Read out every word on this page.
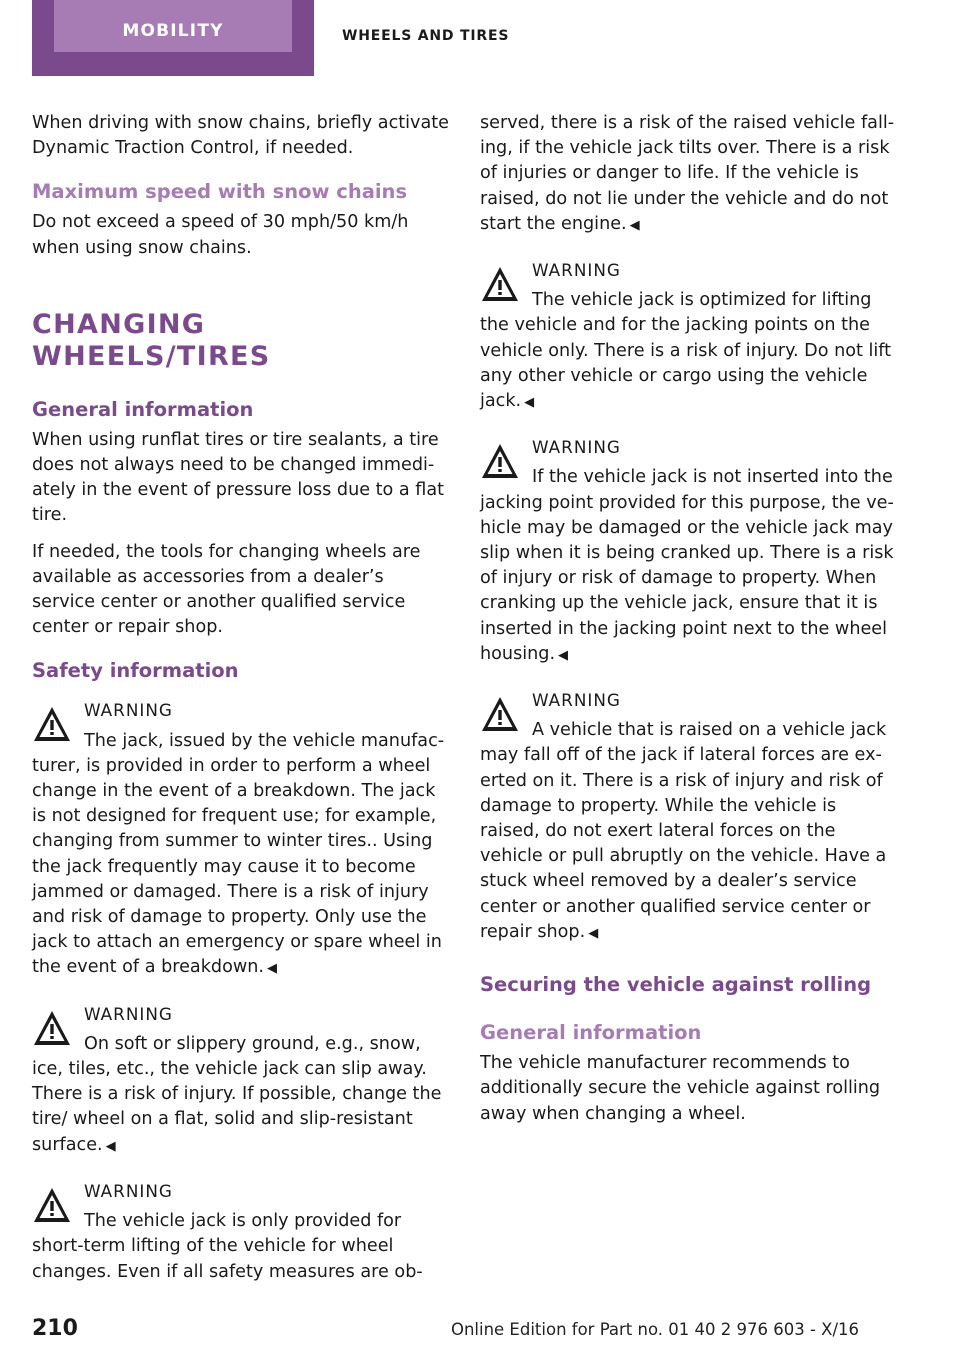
MOBILITY	WHEELS AND TIRES

When driving with snow chains, briefly activate Dynamic Traction Control, if needed.

Maximum speed with snow chains

Do not exceed a speed of 30 mph/50 km/h when using snow chains.

CHANGING WHEELS/TIRES
General information

When using runflat tires or tire sealants, a tire does not always need to be changed immediately in the event of pressure loss due to a flat tire.

If needed, the tools for changing wheels are available as accessories from a dealer’s service center or another qualified service center or repair shop.

Safety information
WARNING
The jack, issued by the vehicle manufacturer, is provided in order to perform a wheel change in the event of a breakdown. The jack is not designed for frequent use; for example, changing from summer to winter tires.. Using the jack frequently may cause it to become jammed or damaged. There is a risk of injury and risk of damage to property. Only use the jack to attach an emergency or spare wheel in the event of a breakdown. ◀
WARNING
On soft or slippery ground, e.g., snow, ice, tiles, etc., the vehicle jack can slip away. There is a risk of injury. If possible, change the tire/ wheel on a flat, solid and slip-resistant surface. ◀
WARNING
The vehicle jack is only provided for short-term lifting of the vehicle for wheel changes. Even if all safety measures are ob-

served, there is a risk of the raised vehicle falling, if the vehicle jack tilts over. There is a risk of injuries or danger to life. If the vehicle is raised, do not lie under the vehicle and do not start the engine. ◀

WARNING
The vehicle jack is optimized for lifting the vehicle and for the jacking points on the vehicle only. There is a risk of injury. Do not lift any other vehicle or cargo using the vehicle jack. ◀
WARNING
If the vehicle jack is not inserted into the jacking point provided for this purpose, the vehicle may be damaged or the vehicle jack may slip when it is being cranked up. There is a risk of injury or risk of damage to property. When cranking up the vehicle jack, ensure that it is inserted in the jacking point next to the wheel housing. ◀
WARNING
A vehicle that is raised on a vehicle jack may fall off of the jack if lateral forces are exerted on it. There is a risk of injury and risk of damage to property. While the vehicle is raised, do not exert lateral forces on the vehicle or pull abruptly on the vehicle. Have a stuck wheel removed by a dealer’s service center or another qualified service center or repair shop. ◀
Securing the vehicle against rolling
General information

The vehicle manufacturer recommends to additionally secure the vehicle against rolling away when changing a wheel.

210	Online Edition for Part no. 01 40 2 976 603 - X/16
